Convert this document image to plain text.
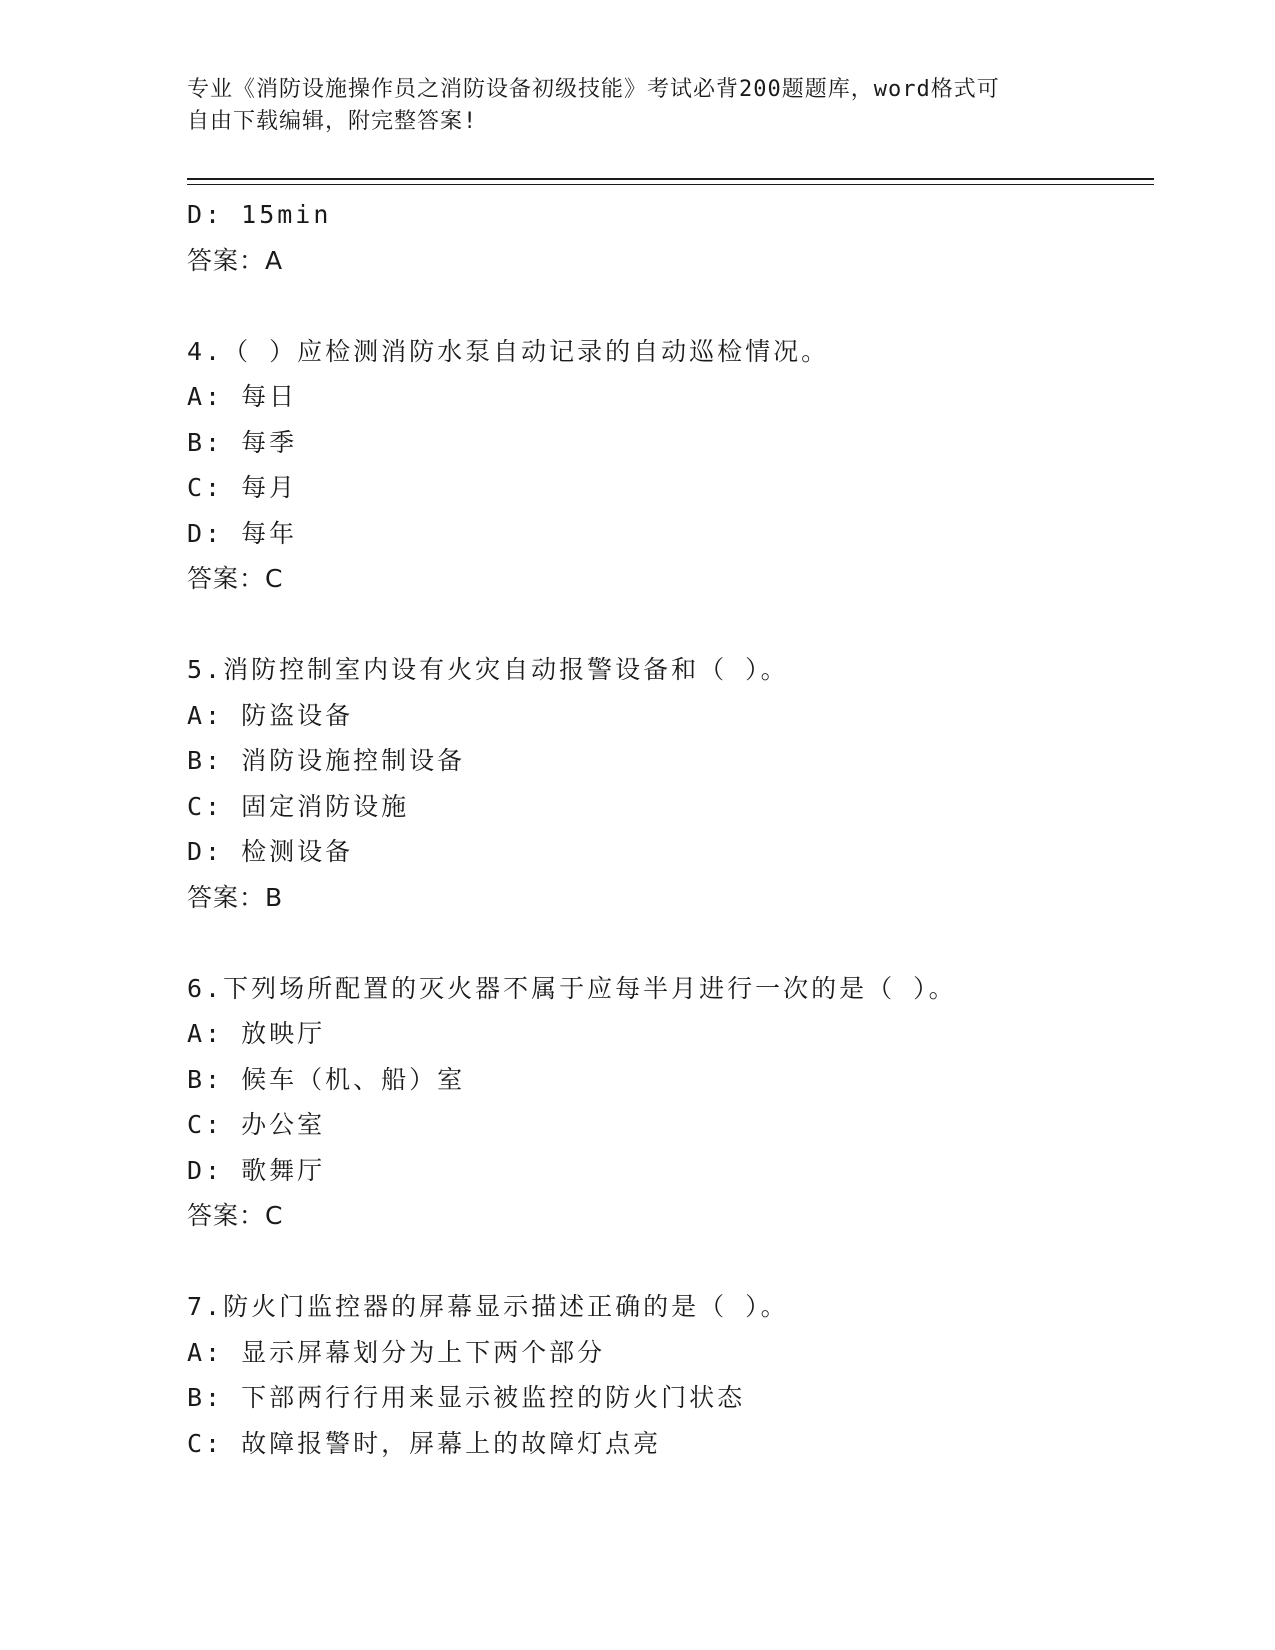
专业《消防设施操作员之消防设备初级技能》考试必背200题题库，word格式可
自由下载编辑，附完整答案!
D: 15min
答案：A
4.（ ）应检测消防水泵自动记录的自动巡检情况。
A: 每日
B: 每季
C: 每月
D: 每年
答案：C
5.消防控制室内设有火灾自动报警设备和（ ）。
A: 防盗设备
B: 消防设施控制设备
C: 固定消防设施
D: 检测设备
答案：B
6.下列场所配置的灭火器不属于应每半月进行一次的是（ ）。
A: 放映厅
B: 候车（机、船）室
C: 办公室
D: 歌舞厅
答案：C
7.防火门监控器的屏幕显示描述正确的是（ ）。
A: 显示屏幕划分为上下两个部分
B: 下部两行行用来显示被监控的防火门状态
C: 故障报警时，屏幕上的故障灯点亮
